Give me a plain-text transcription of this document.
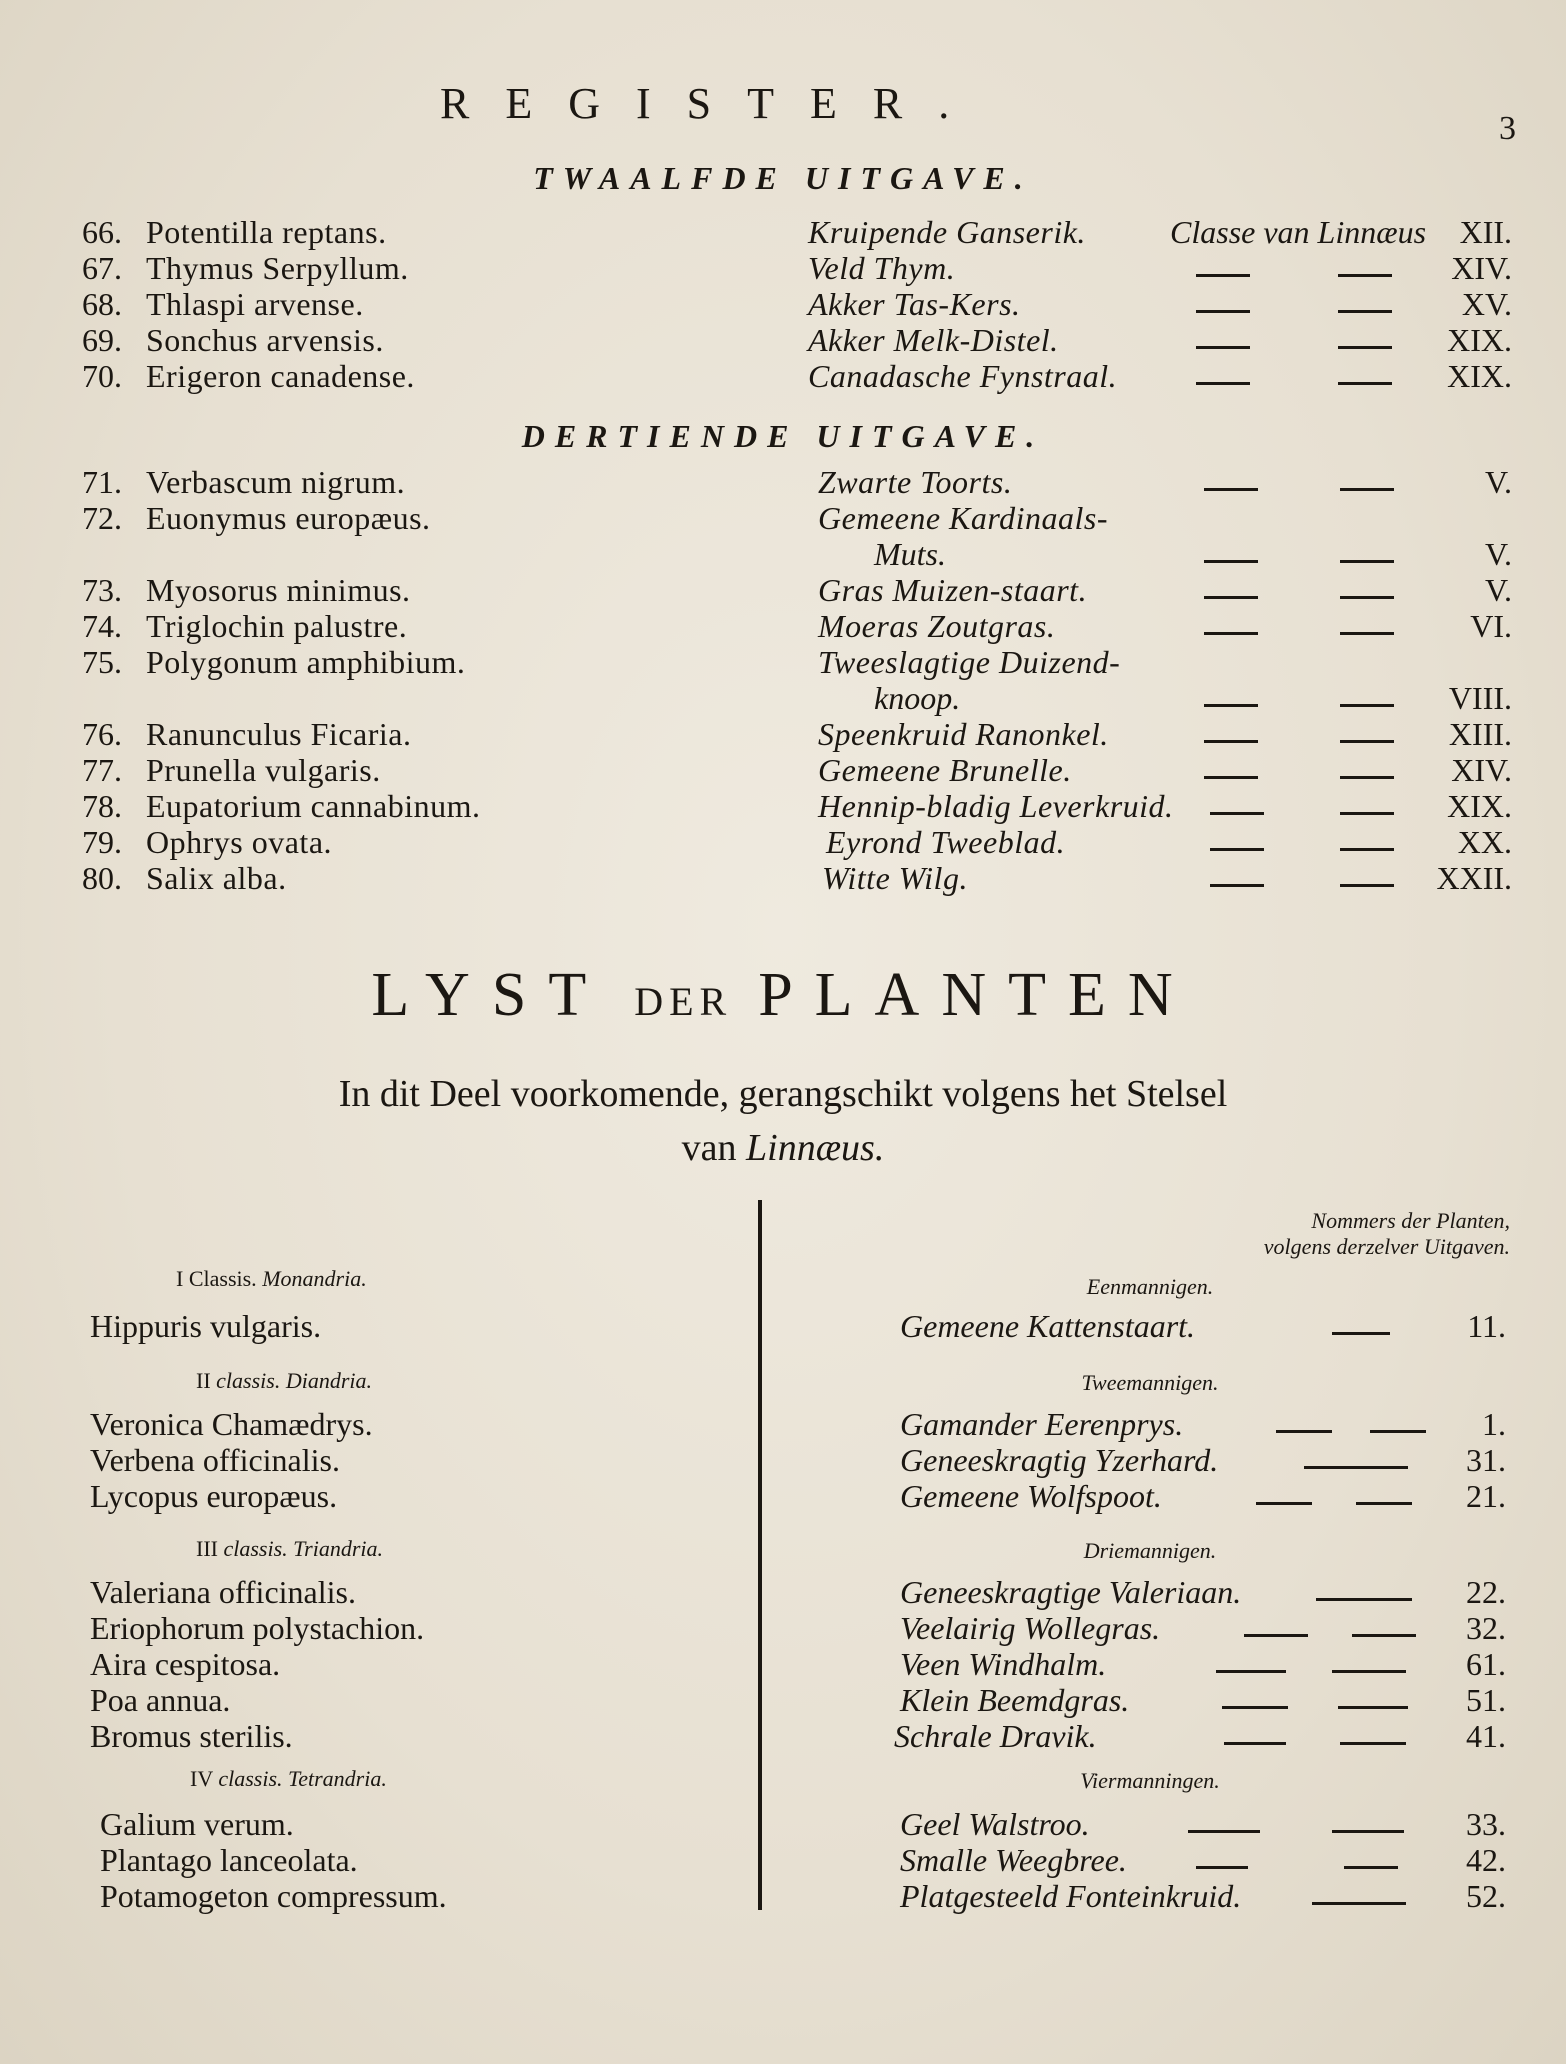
REGISTER.
3
TWAALFDE UITGAVE.
66. Potentilla reptans.	Kruipende Ganserik.	Classe van Linnæus XII.
67. Thymus Serpyllum.	Veld Thym.	XIV.
68. Thlaspi arvense.	Akker Tas-Kers.	XV.
69. Sonchus arvensis.	Akker Melk-Distel.	XIX.
70. Erigeron canadense.	Canadasche Fynstraal.	XIX.
DERTIENDE UITGAVE.
71. Verbascum nigrum.	Zwarte Toorts.	V.
72. Euonymus europæus.	Gemeene Kardinaals-
Muts.	V.
73. Myosorus minimus.	Gras Muizen-staart.	V.
74. Triglochin palustre.	Moeras Zoutgras.	VI.
75. Polygonum amphibium.	Tweeslagtige Duizend-
knoop.	VIII.
76. Ranunculus Ficaria.	Speenkruid Ranonkel.	XIII.
77. Prunella vulgaris.	Gemeene Brunelle.	XIV.
78. Eupatorium cannabinum.	Hennip-bladig Leverkruid.	XIX.
79. Ophrys ovata.	Eyrond Tweeblad.	XX.
80. Salix alba.	Witte Wilg.	XXII.
LYST DER PLANTEN
In dit Deel voorkomende, gerangschikt volgens het Stelsel
van Linnæus.
Nommers der Planten,
volgens derzelver Uitgaven.
I Classis. Monandria.	Eenmannigen.
Hippuris vulgaris.	Gemeene Kattenstaart.	11.
II classis. Diandria.	Tweemannigen.
Veronica Chamædrys.	Gamander Eerenprys.	1.
Verbena officinalis.	Geneeskragtig Yzerhard.	31.
Lycopus europæus.	Gemeene Wolfspoot.	21.
III classis. Triandria.	Driemannigen.
Valeriana officinalis.	Geneeskragtige Valeriaan.	22.
Eriophorum polystachion.	Veelairig Wollegras.	32.
Aira cespitosa.	Veen Windhalm.	61.
Poa annua.	Klein Beemdgras.	51.
Bromus sterilis.	Schrale Dravik.	41.
IV classis. Tetrandria.	Viermanningen.
Galium verum.	Geel Walstroo.	33.
Plantago lanceolata.	Smalle Weegbree.	42.
Potamogeton compressum.	Platgesteeld Fonteinkruid.	52.
